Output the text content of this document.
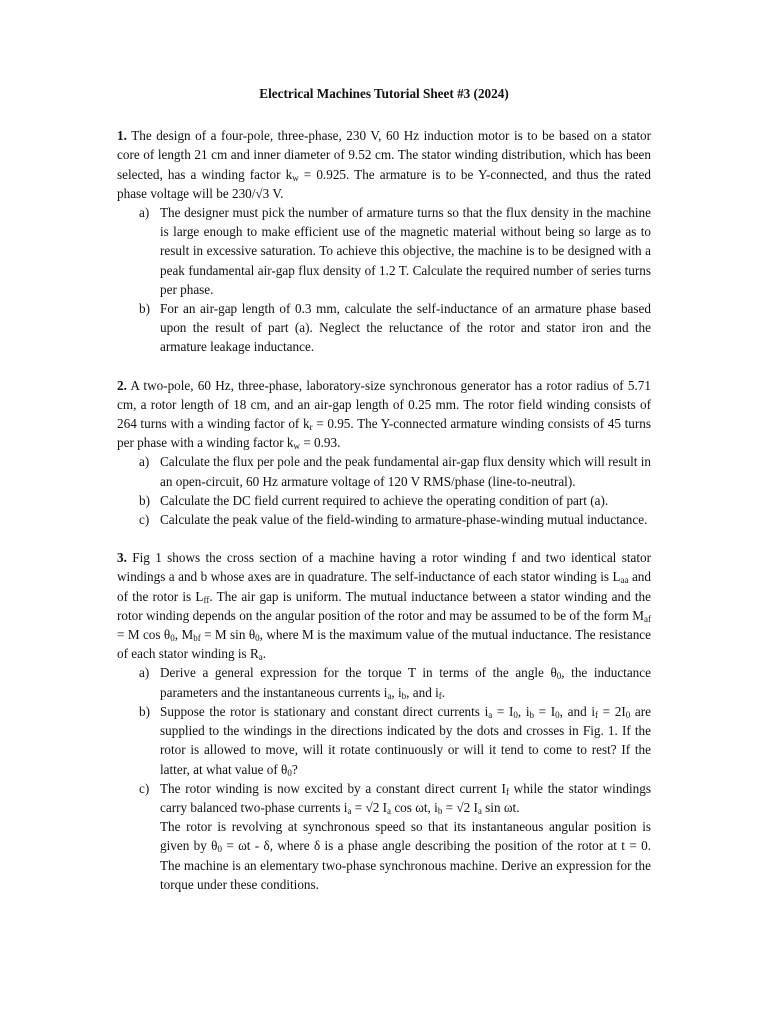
Electrical Machines Tutorial Sheet #3 (2024)

1. The design of a four-pole, three-phase, 230 V, 60 Hz induction motor is to be based on a stator core of length 21 cm and inner diameter of 9.52 cm. The stator winding distribution, which has been selected, has a winding factor $k_w = 0.925$. The armature is to be Y-connected, and thus the rated phase voltage will be 230/√3 V.

a) The designer must pick the number of armature turns so that the flux density in the machine is large enough to make efficient use of the magnetic material without being so large as to result in excessive saturation. To achieve this objective, the machine is to be designed with a peak fundamental air-gap flux density of 1.2 T. Calculate the required number of series turns per phase.

b) For an air-gap length of 0.3 mm, calculate the self-inductance of an armature phase based upon the result of part (a). Neglect the reluctance of the rotor and stator iron and the armature leakage inductance.

2. A two-pole, 60 Hz, three-phase, laboratory-size synchronous generator has a rotor radius of 5.71 cm, a rotor length of 18 cm, and an air-gap length of 0.25 mm. The rotor field winding consists of 264 turns with a winding factor of $k_r = 0.95$. The Y-connected armature winding consists of 45 turns per phase with a winding factor $k_w = 0.93$.

a) Calculate the flux per pole and the peak fundamental air-gap flux density which will result in an open-circuit, 60 Hz armature voltage of 120 V RMS/phase (line-to-neutral).

b) Calculate the DC field current required to achieve the operating condition of part (a).

c) Calculate the peak value of the field-winding to armature-phase-winding mutual inductance.

3. Fig 1 shows the cross section of a machine having a rotor winding f and two identical stator windings a and b whose axes are in quadrature. The self-inductance of each stator winding is $L_{aa}$ and of the rotor is $L_{ff}$. The air gap is uniform. The mutual inductance between a stator winding and the rotor winding depends on the angular position of the rotor and may be assumed to be of the form $M_{af} = M$ $\cos \theta_0$, $M_{bf} = M$ $\sin \theta_0$, where M is the maximum value of the mutual inductance. The resistance of each stator winding is $R_a$.

a) Derive a general expression for the torque T in terms of the angle $\theta_0$, the inductance parameters and the instantaneous currents $i_a$, $i_b$, and $i_f$.

b) Suppose the rotor is stationary and constant direct currents $i_a = I_0$, $i_b = I_0$, and $i_f = 2I_0$ are supplied to the windings in the directions indicated by the dots and crosses in Fig. 1. If the rotor is allowed to move, will it rotate continuously or will it tend to come to rest? If the latter, at what value of $\theta_0$?

c) The rotor winding is now excited by a constant direct current $I_f$ while the stator windings carry balanced two-phase currents $i_a = √2$ $I_a$ cos ωt, $i_b = √2$ $I_a$ sin ωt.

The rotor is revolving at synchronous speed so that its instantaneous angular position is given by $\theta_0 = \omega t - \delta$, where δ is a phase angle describing the position of the rotor at t = 0. The machine is an elementary two-phase synchronous machine. Derive an expression for the torque under these conditions.
